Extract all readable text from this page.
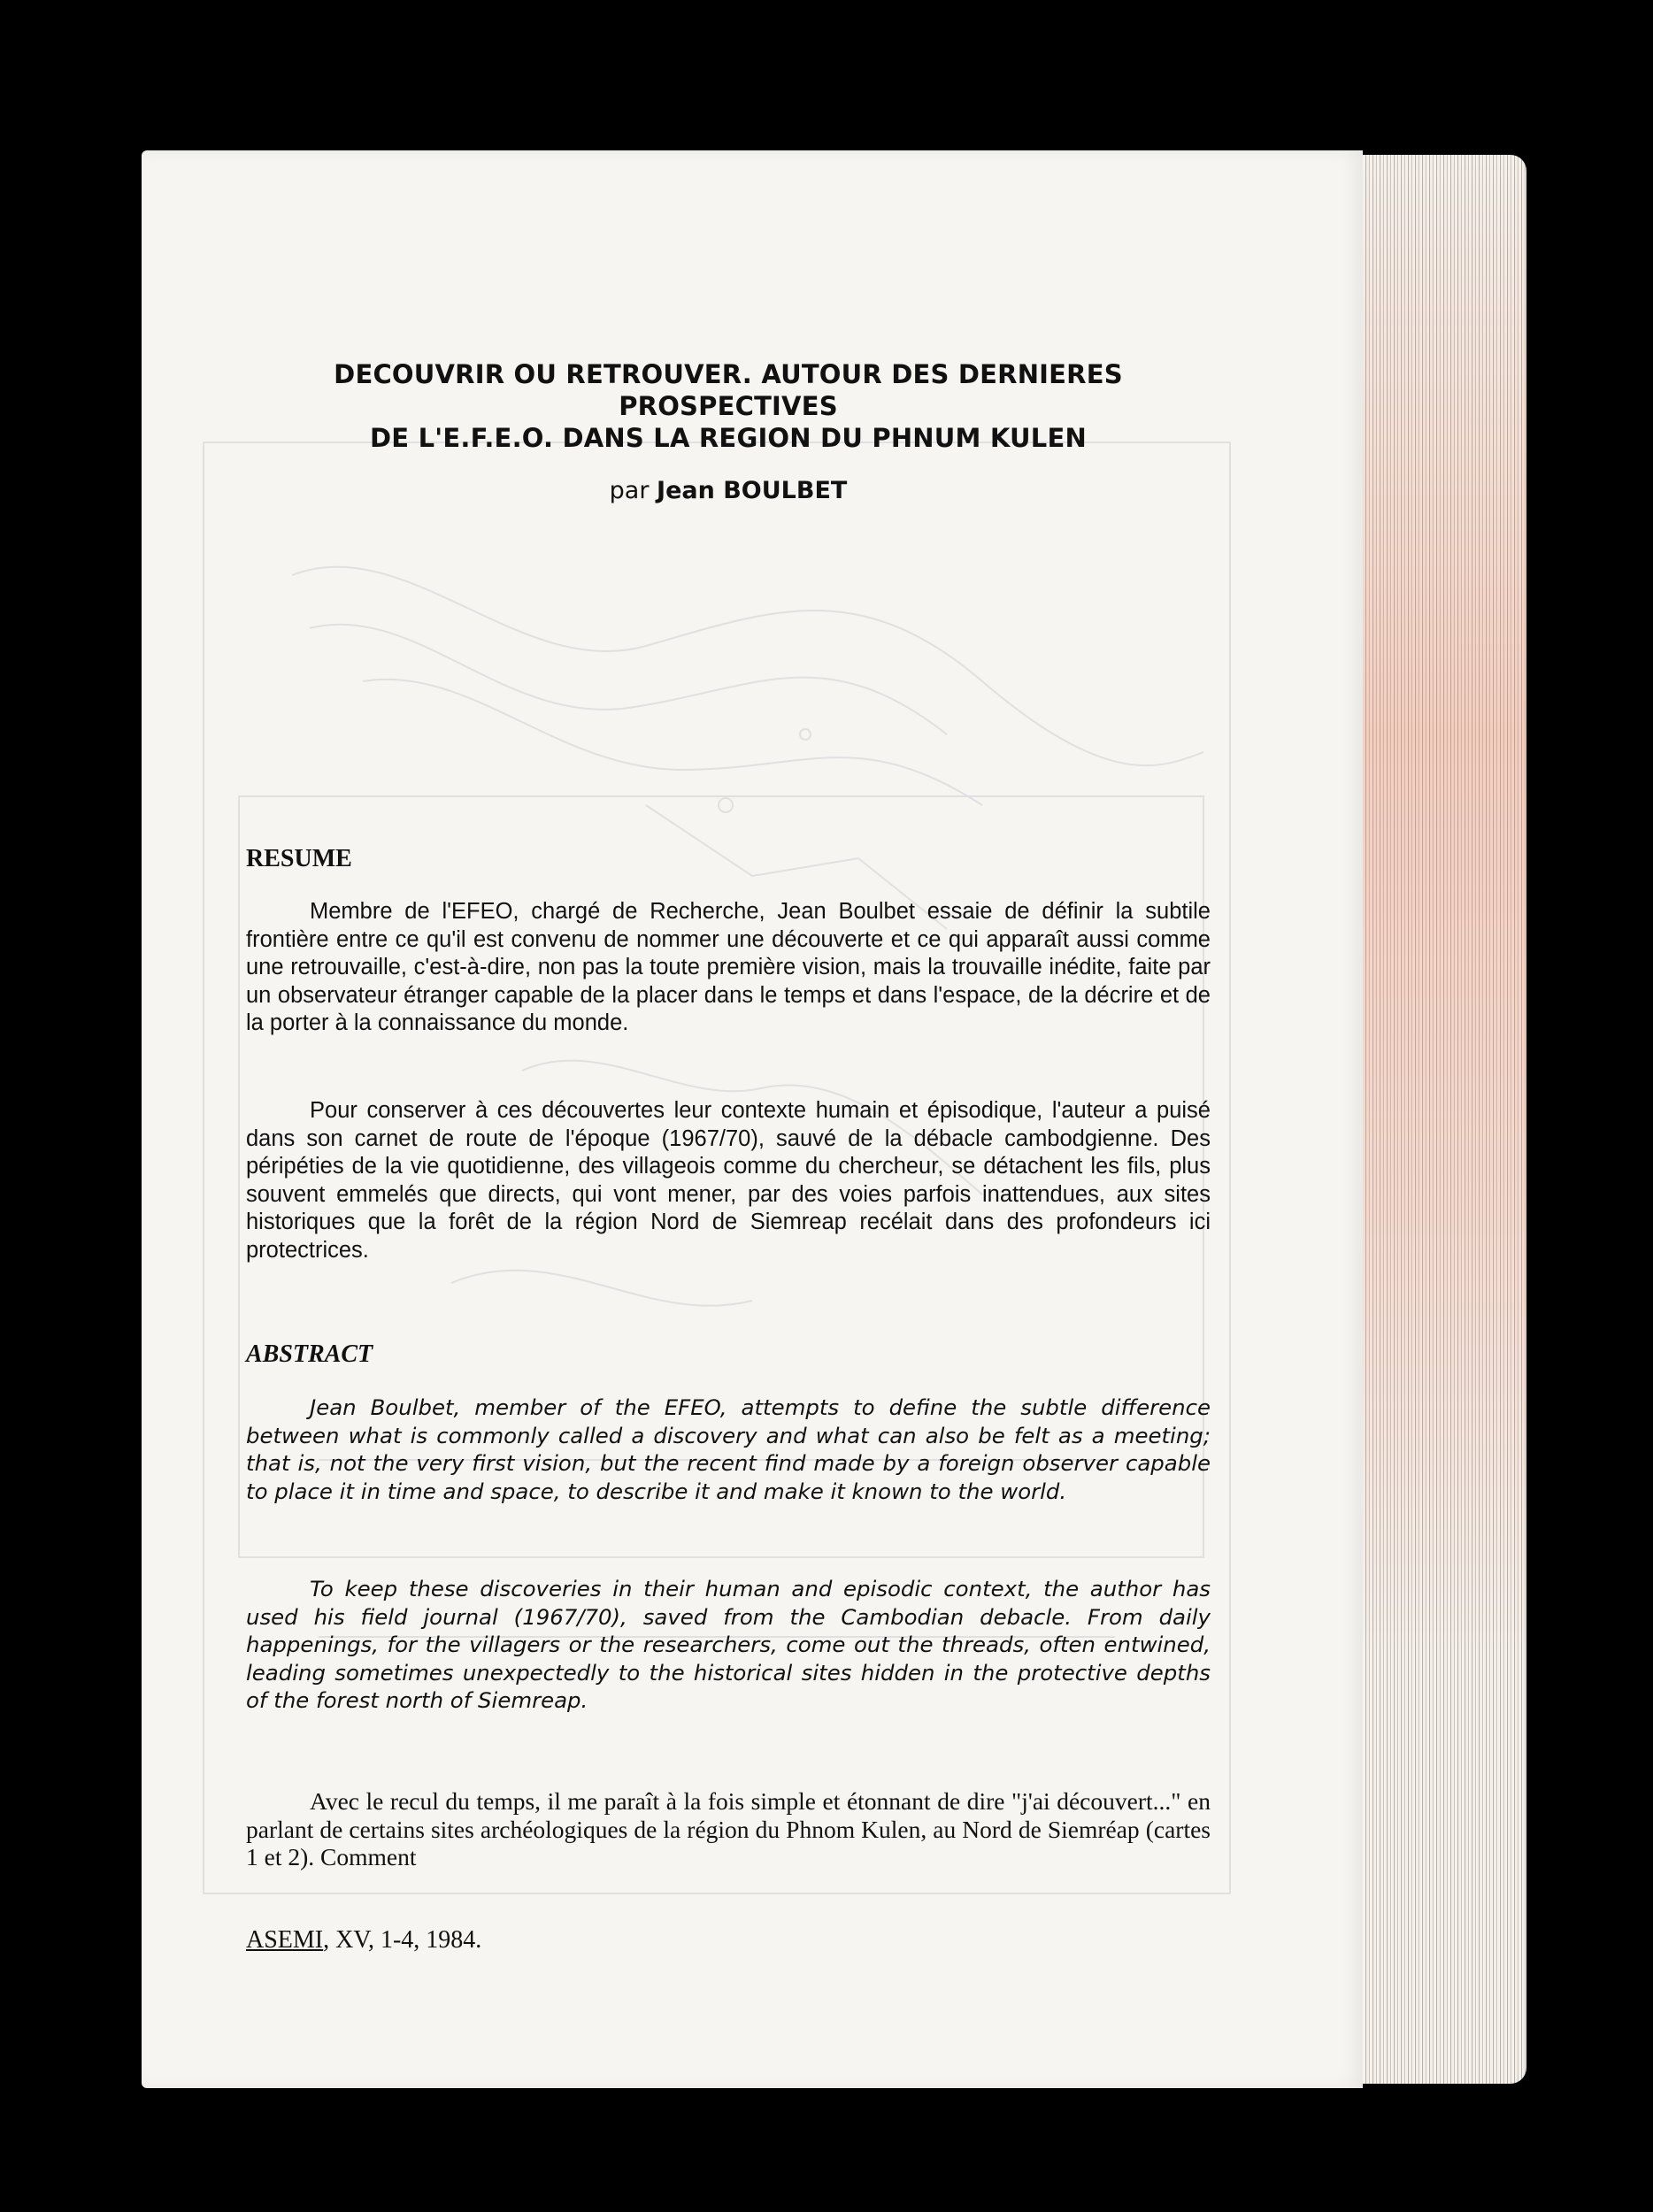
DECOUVRIR OU RETROUVER. AUTOUR DES DERNIERES PROSPECTIVES
DE L'E.F.E.O. DANS LA REGION DU PHNUM KULEN
par Jean BOULBET
RESUME

Membre de l'EFEO, chargé de Recherche, Jean Boulbet essaie de définir la subtile frontière entre ce qu'il est convenu de nommer une découverte et ce qui apparaît aussi comme une retrouvaille, c'est-à-dire, non pas la toute première vision, mais la trouvaille inédite, faite par un observateur étranger capable de la placer dans le temps et dans l'espace, de la décrire et de la porter à la connaissance du monde.

Pour conserver à ces découvertes leur contexte humain et épisodique, l'auteur a puisé dans son carnet de route de l'époque (1967/70), sauvé de la débacle cambodgienne. Des péripéties de la vie quotidienne, des villageois comme du chercheur, se détachent les fils, plus souvent emmelés que directs, qui vont mener, par des voies parfois inattendues, aux sites historiques que la forêt de la région Nord de Siemreap recélait dans des profondeurs ici protectrices.

ABSTRACT

Jean Boulbet, member of the EFEO, attempts to define the subtle difference between what is commonly called a discovery and what can also be felt as a meeting; that is, not the very first vision, but the recent find made by a foreign observer capable to place it in time and space, to describe it and make it known to the world.

To keep these discoveries in their human and episodic context, the author has used his field journal (1967/70), saved from the Cambodian debacle. From daily happenings, for the villagers or the researchers, come out the threads, often entwined, leading sometimes unexpectedly to the historical sites hidden in the protective depths of the forest north of Siemreap.

Avec le recul du temps, il me paraît à la fois simple et étonnant de dire "j'ai découvert..." en parlant de certains sites archéologiques de la région du Phnom Kulen, au Nord de Siemréap (cartes 1 et 2). Comment

ASEMI, XV, 1-4, 1984.
